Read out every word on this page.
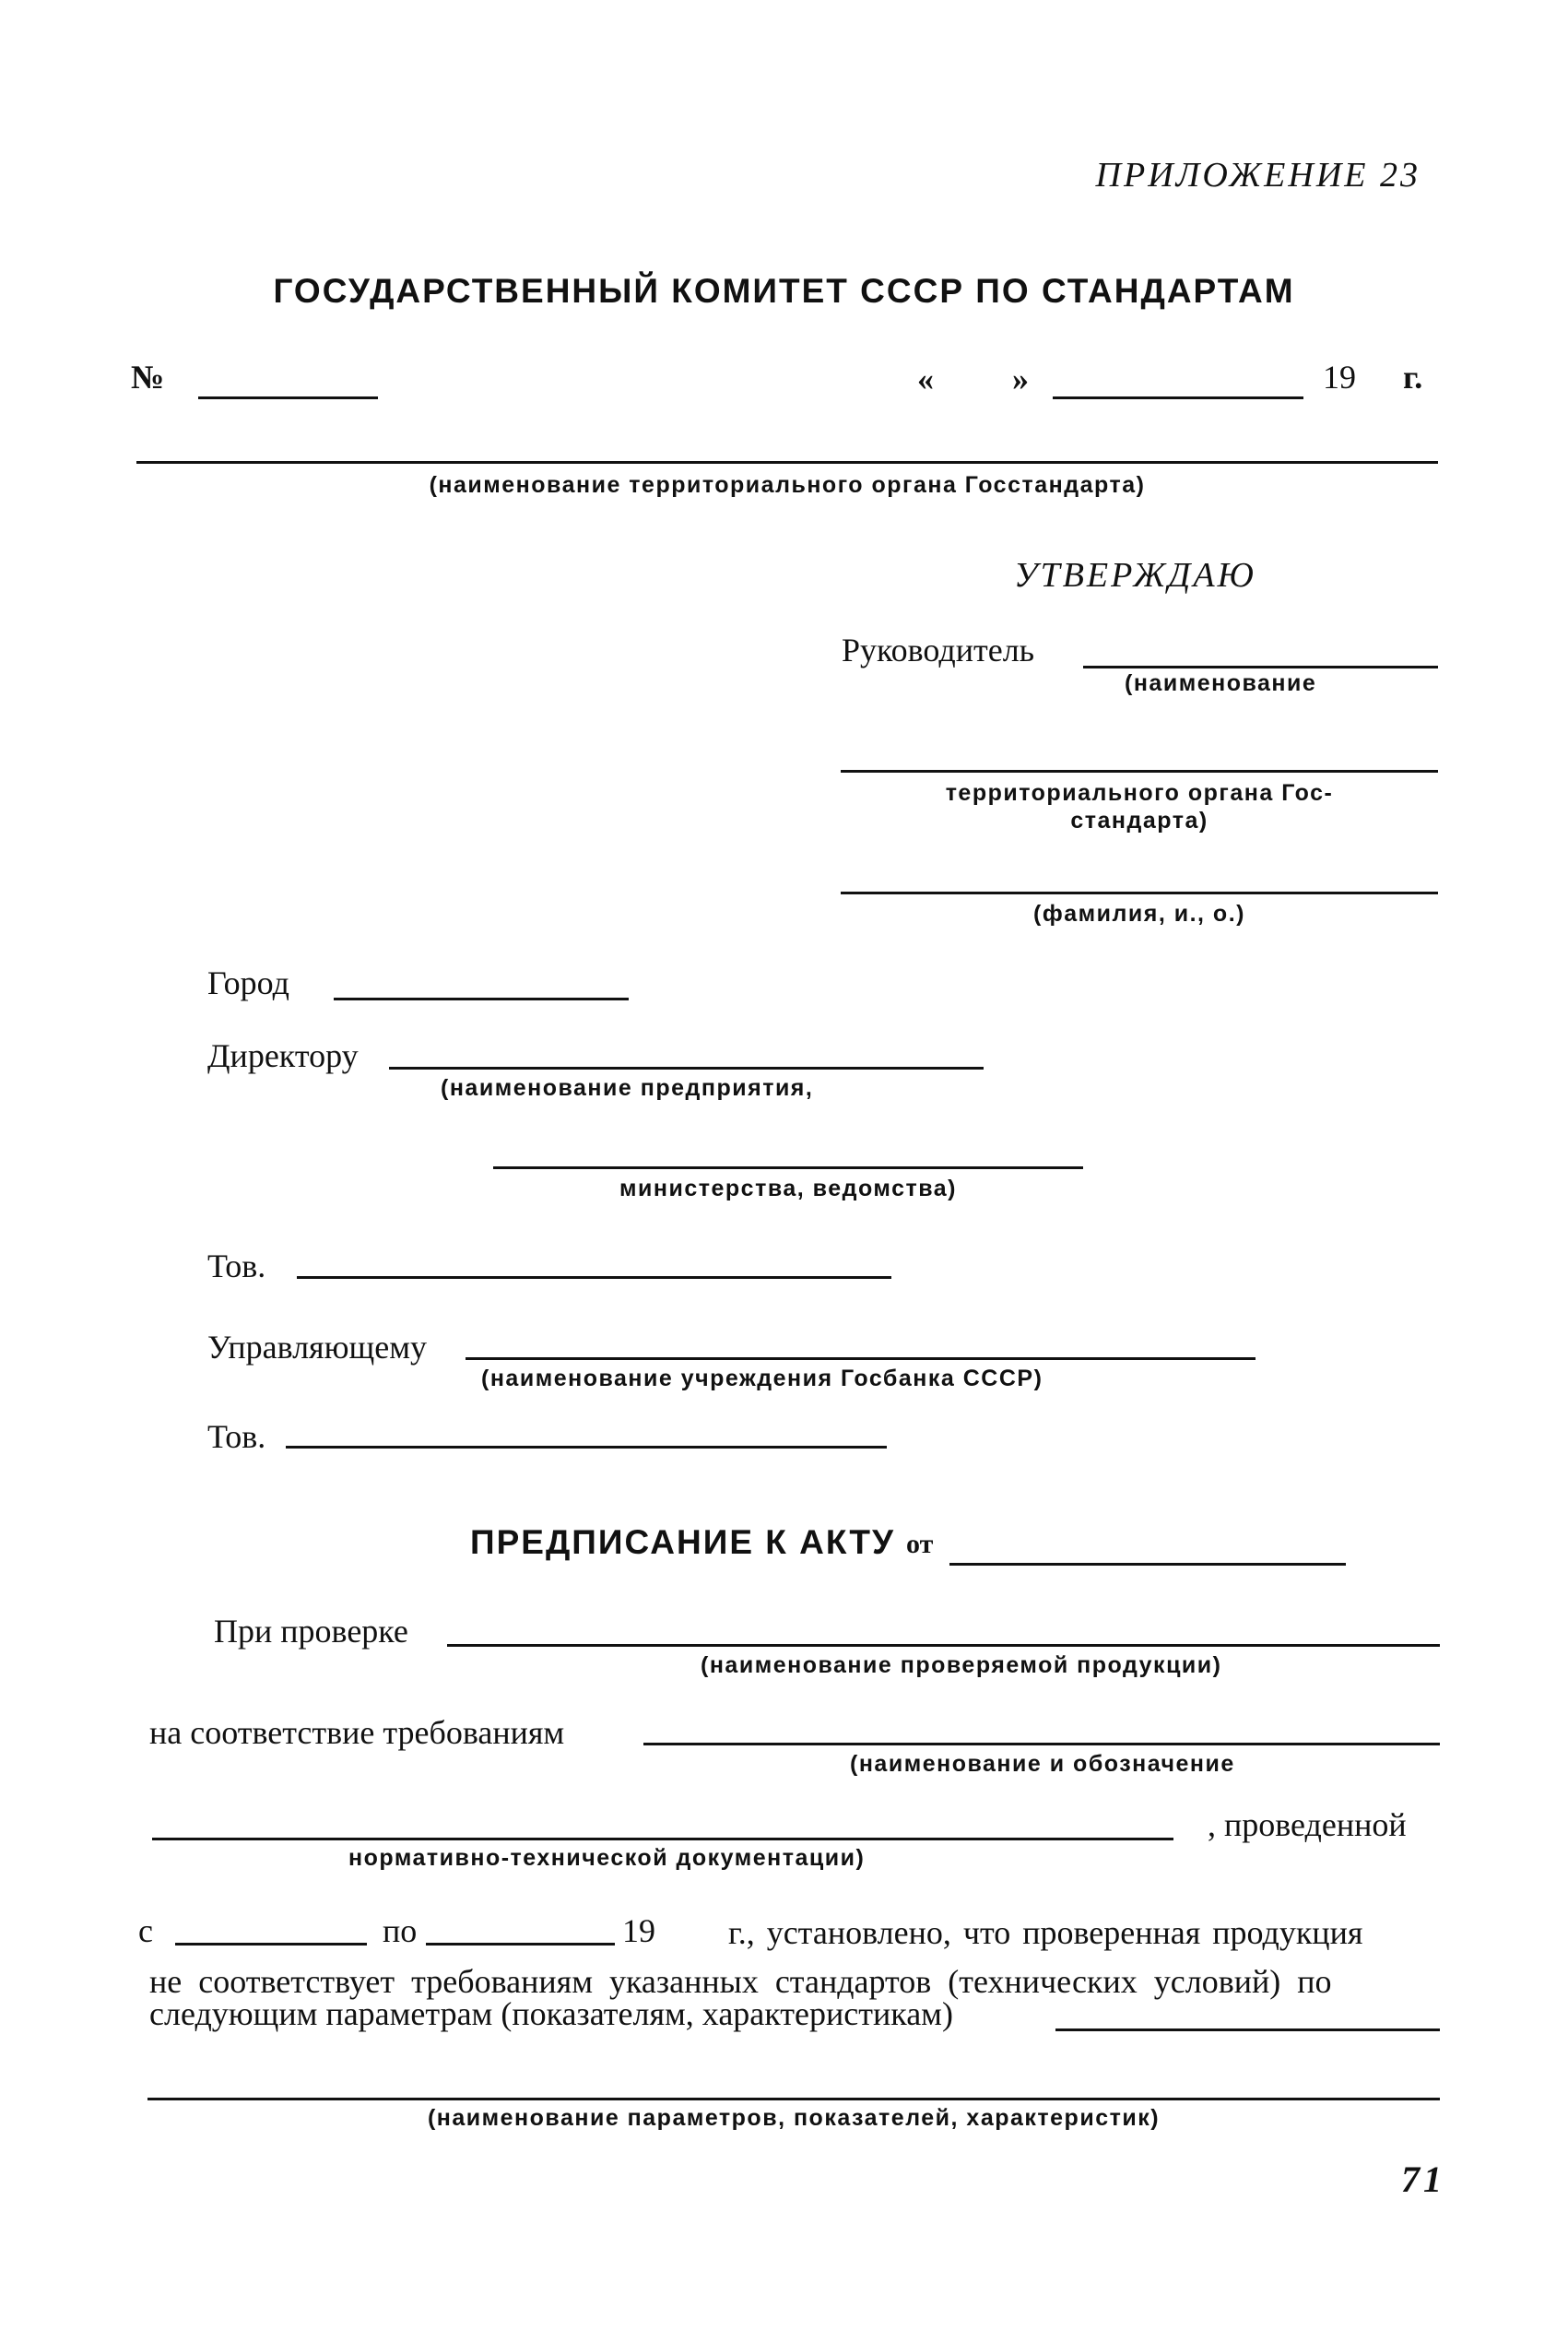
ПРИЛОЖЕНИЕ 23
ГОСУДАРСТВЕННЫЙ КОМИТЕТ СССР ПО СТАНДАРТАМ
№	« »	19 г.
(наименование территориального органа Госстандарта)
УТВЕРЖДАЮ
Руководитель
(наименование
территориального органа Гос-
стандарта)
(фамилия, и., о.)
Город
Директору
(наименование предприятия,
министерства, ведомства)
Тов.
Управляющему
(наименование учреждения Госбанка СССР)
Тов.
ПРЕДПИСАНИЕ К АКТУ от
При проверке
(наименование проверяемой продукции)
на соответствие требованиям
(наименование и обозначение
, проведенной
нормативно-технической документации)
с	по	19 г., установлено, что проверенная продукция
не соответствует требованиям указанных стандартов (технических условий) по
следующим параметрам (показателям, характеристикам)
(наименование параметров, показателей, характеристик)
71
